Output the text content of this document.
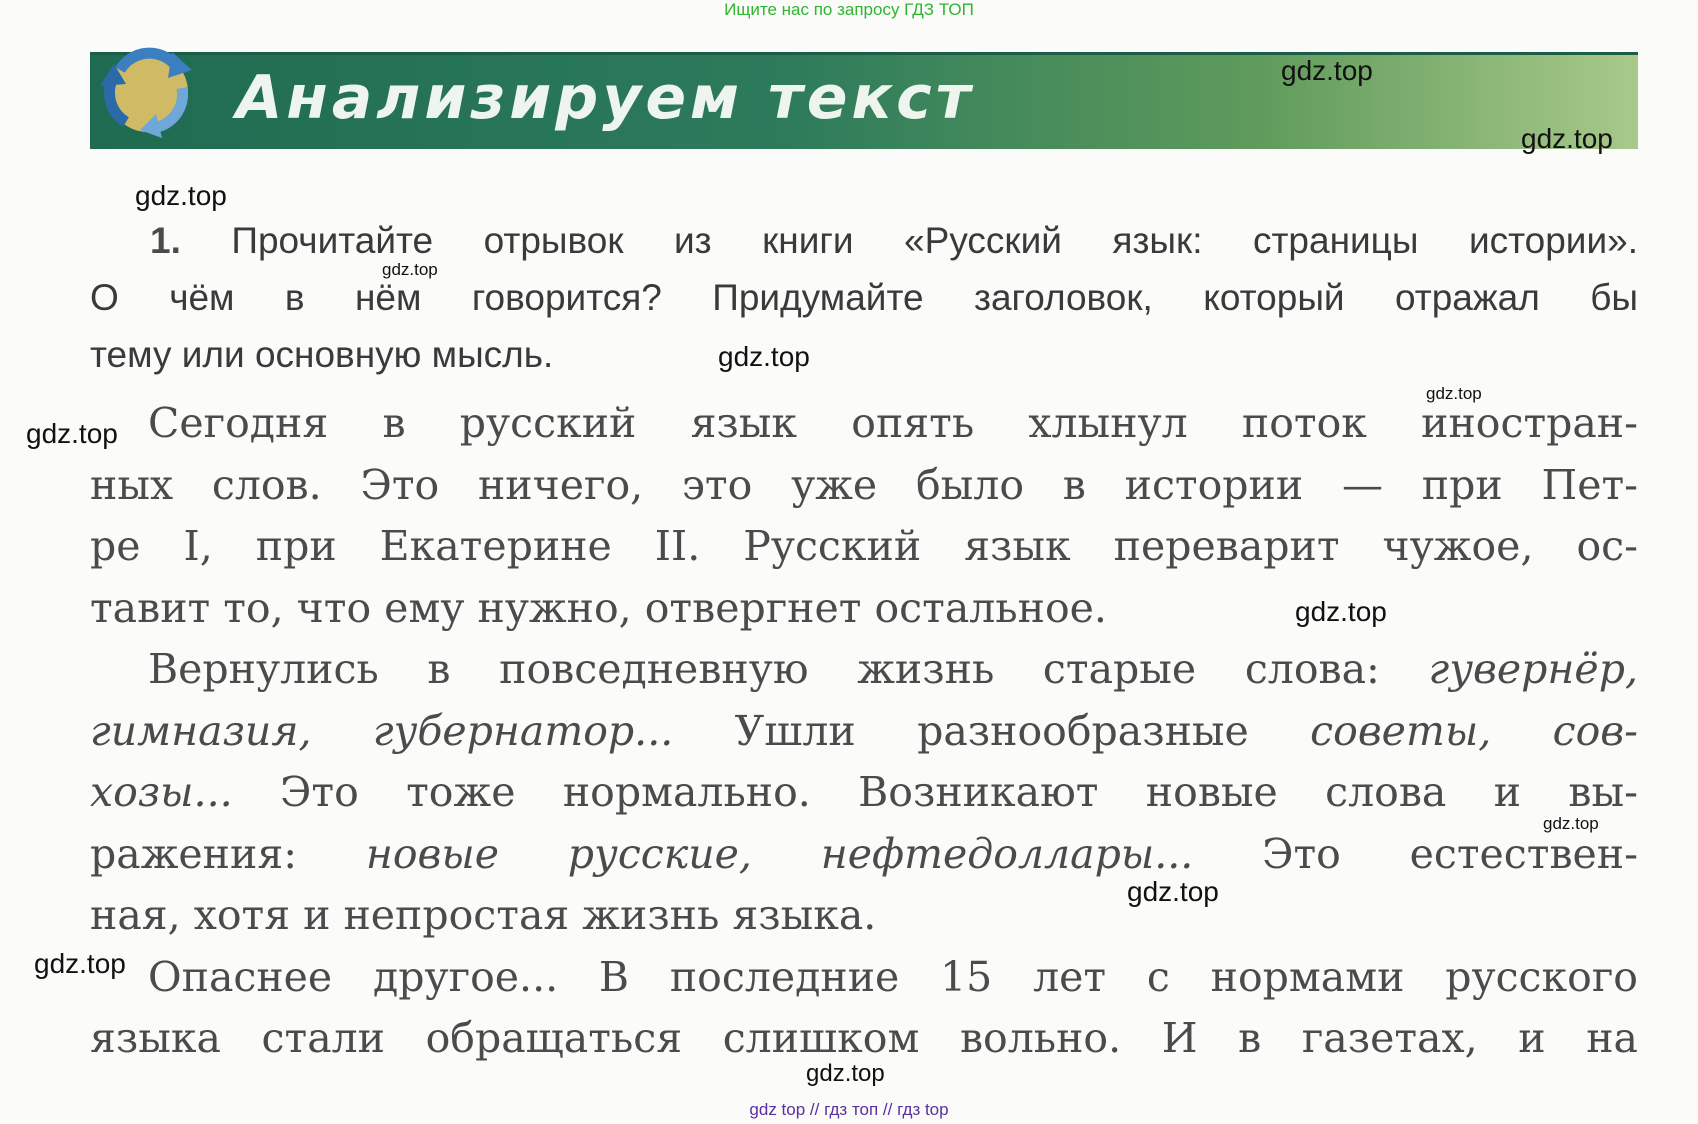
Ищите нас по запросу ГДЗ ТОП
Анализируем текст	gdz.top
gdz.top
gdz.top
gdz.top
gdz.top
gdz.top
gdz.top
gdz.top
gdz.top
gdz.top
gdz.top
gdz.top
1. Прочитайте отрывок из книги «Русский язык: страницы истории».
О чём в нём говорится? Придумайте заголовок, который отражал бы
тему или основную мысль.
Сегодня в русский язык опять хлынул поток иностран-
ных слов. Это ничего, это уже было в истории — при Пет-
ре I, при Екатерине II. Русский язык переварит чужое, ос-
тавит то, что ему нужно, отвергнет остальное.
Вернулись в повседневную жизнь старые слова: гувернёр,
гимназия, губернатор... Ушли разнообразные советы, сов-
хозы... Это тоже нормально. Возникают новые слова и вы-
ражения: новые русские, нефтедоллары... Это естествен-
ная, хотя и непростая жизнь языка.
Опаснее другое... В последние 15 лет с нормами русского
языка стали обращаться слишком вольно. И в газетах, и на
gdz top // гдз топ // гдз top
